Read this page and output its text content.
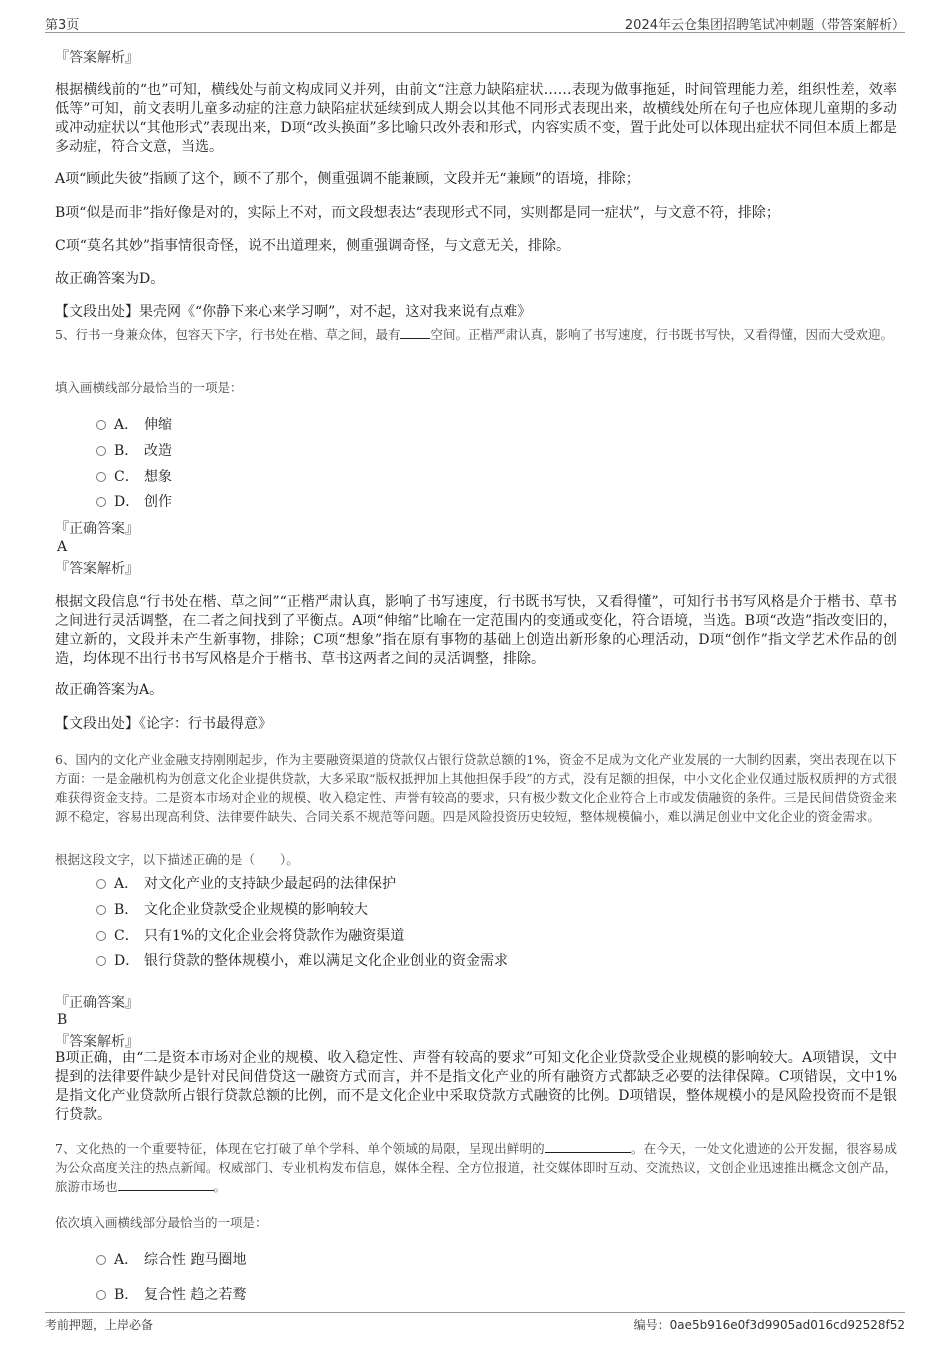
第3页	2024年云仓集团招聘笔试冲刺题（带答案解析）
『答案解析』
根据横线前的“也”可知，横线处与前文构成同义并列，由前文“注意力缺陷症状……表现为做事拖延，时间管理能力差，组织性差，效率低等”可知，前文表明儿童多动症的注意力缺陷症状延续到成人期会以其他不同形式表现出来，故横线处所在句子也应体现儿童期的多动或冲动症状以“其他形式”表现出来，D项“改头换面”多比喻只改外表和形式，内容实质不变，置于此处可以体现出症状不同但本质上都是多动症，符合文意，当选。
A项“顾此失彼”指顾了这个，顾不了那个，侧重强调不能兼顾，文段并无“兼顾”的语境，排除；
B项“似是而非”指好像是对的，实际上不对，而文段想表达“表现形式不同，实则都是同一症状”，与文意不符，排除；
C项“莫名其妙”指事情很奇怪，说不出道理来，侧重强调奇怪，与文意无关，排除。
故正确答案为D。
【文段出处】果壳网《“你静下来心来学习啊”，对不起，这对我来说有点难》
5、行书一身兼众体，包容天下字，行书处在楷、草之间，最有 空间。正楷严肃认真，影响了书写速度，行书既书写快，又看得懂，因而大受欢迎。
填入画横线部分最恰当的一项是：
A． 伸缩
B． 改造
C． 想象
D． 创作
『正确答案』
A
『答案解析』
根据文段信息“行书处在楷、草之间”“正楷严肃认真，影响了书写速度，行书既书写快，又看得懂”，可知行书书写风格是介于楷书、草书之间进行灵活调整，在二者之间找到了平衡点。A项“伸缩”比喻在一定范围内的变通或变化，符合语境，当选。B项“改造”指改变旧的，建立新的，文段并未产生新事物，排除；C项“想象”指在原有事物的基础上创造出新形象的心理活动，D项“创作”指文学艺术作品的创造，均体现不出行书书写风格是介于楷书、草书这两者之间的灵活调整，排除。
故正确答案为A。
【文段出处】《论字：行书最得意》
6、国内的文化产业金融支持刚刚起步，作为主要融资渠道的贷款仅占银行贷款总额的1%，资金不足成为文化产业发展的一大制约因素，突出表现在以下方面：一是金融机构为创意文化企业提供贷款，大多采取“版权抵押加上其他担保手段”的方式，没有足额的担保，中小文化企业仅通过版权质押的方式很难获得资金支持。二是资本市场对企业的规模、收入稳定性、声誉有较高的要求，只有极少数文化企业符合上市或发债融资的条件。三是民间借贷资金来源不稳定，容易出现高利贷、法律要件缺失、合同关系不规范等问题。四是风险投资历史较短，整体规模偏小，难以满足创业中文化企业的资金需求。
根据这段文字，以下描述正确的是（　　）。
A． 对文化产业的支持缺少最起码的法律保护
B． 文化企业贷款受企业规模的影响较大
C． 只有1%的文化企业会将贷款作为融资渠道
D． 银行贷款的整体规模小，难以满足文化企业创业的资金需求
『正确答案』
B
『答案解析』
B项正确，由“二是资本市场对企业的规模、收入稳定性、声誉有较高的要求”可知文化企业贷款受企业规模的影响较大。A项错误，文中提到的法律要件缺少是针对民间借贷这一融资方式而言，并不是指文化产业的所有融资方式都缺乏必要的法律保障。C项错误，文中1%是指文化产业贷款所占银行贷款总额的比例，而不是文化企业中采取贷款方式融资的比例。D项错误，整体规模小的是风险投资而不是银行贷款。
7、文化热的一个重要特征，体现在它打破了单个学科、单个领域的局限，呈现出鲜明的	。在今天，一处文化遗迹的公开发掘，很容易成为公众高度关注的热点新闻。权威部门、专业机构发布信息，媒体全程、全方位报道，社交媒体即时互动、交流热议，文创企业迅速推出概念文创产品，旅游市场也	。
依次填入画横线部分最恰当的一项是：
A． 综合性 跑马圈地
B． 复合性 趋之若鹜
考前押题，上岸必备	编号：0ae5b916e0f3d9905ad016cd92528f52
